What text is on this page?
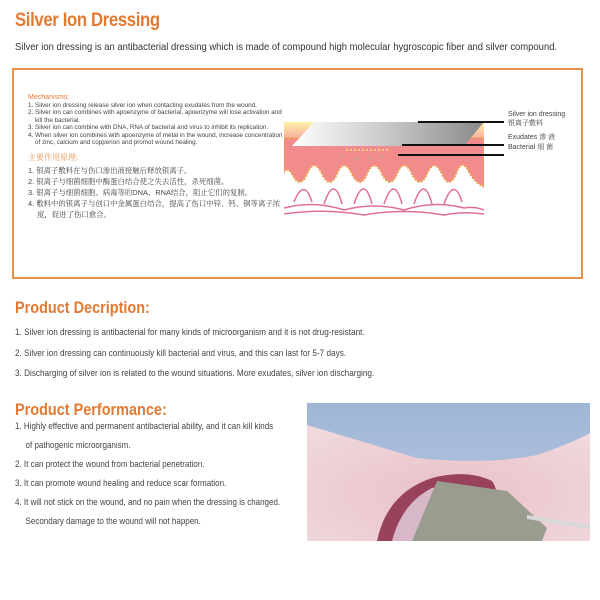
Silver Ion Dressing
Silver ion dressing is an antibacterial dressing which is made of compound high molecular hygroscopic fiber and silver compound.
Mechanisms:
1. Silver ion dressing release silver ion when contacting exudates from the wound.
2. Silver ion can combines with apoenzyme of bacterial, apoenzyme will lose activation and kill the bacterial.
3. Silver ion can combine with DNA, RNA of bacterial and virus to inhibit its replication.
4. When silver ion combines with apoenzyme of metal in the wound, increase concentration of zinc, calcium and copperion and promot wound healing.
主要作用原理:
1. 银离子敷料在与伤口渗出液接触后释放银离子。
2. 银离子与细菌细胞中酶蛋白结合使之失去活性，杀死细菌。
3. 银离子与细菌细胞、病毒等的DNA、RNA结合，阻止它们的复制。
4. 敷料中的银离子与创口中金属蛋白结合，提高了伤口中锌、钙、铜等离子浓度，促进了伤口愈合。
Silver ion dressing
银离子敷料
Exudates 渗 液
Bacterial 细 菌
Product Decription:
1. Silver ion dressing is antibacterial for many kinds of microorganism and it is not drug-resistant.
2. Silver ion dressing can continuously kill bacterial and virus, and this can last for 5-7 days.
3. Discharging of silver ion is related to the wound situations. More exudates, silver ion discharging.
Product Performance:
1. Highly effective and permanent antibacterial ability, and it can kill kinds
of pathogenic microorganism.
2. It can protect the wound from bacterial penetration.
3. It can promote wound healing and reduce scar formation.
4. It will not stick on the wound, and no pain when the dressing is changed.
Secondary damage to the wound will not happen.
